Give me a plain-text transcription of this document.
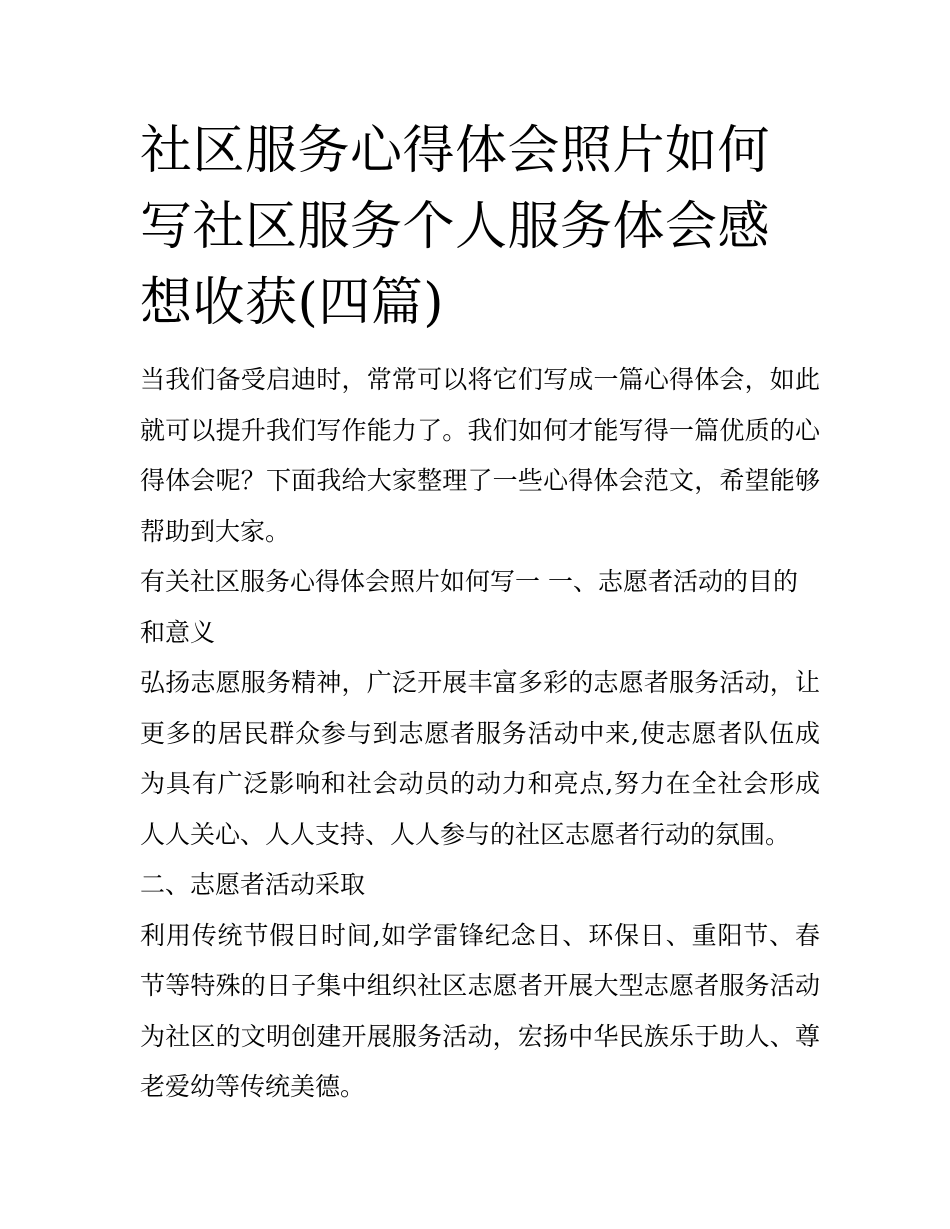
社区服务心得体会照片如何写社区服务个人服务体会感想收获(四篇)

当我们备受启迪时，常常可以将它们写成一篇心得体会，如此就可以提升我们写作能力了。我们如何才能写得一篇优质的心得体会呢？下面我给大家整理了一些心得体会范文，希望能够帮助到大家。

有关社区服务心得体会照片如何写一 一、志愿者活动的目的和意义

弘扬志愿服务精神，广泛开展丰富多彩的志愿者服务活动，让更多的居民群众参与到志愿者服务活动中来,使志愿者队伍成为具有广泛影响和社会动员的动力和亮点,努力在全社会形成人人关心、人人支持、人人参与的社区志愿者行动的氛围。

二、志愿者活动采取

利用传统节假日时间,如学雷锋纪念日、环保日、重阳节、春节等特殊的日子集中组织社区志愿者开展大型志愿者服务活动为社区的文明创建开展服务活动，宏扬中华民族乐于助人、尊老爱幼等传统美德。
